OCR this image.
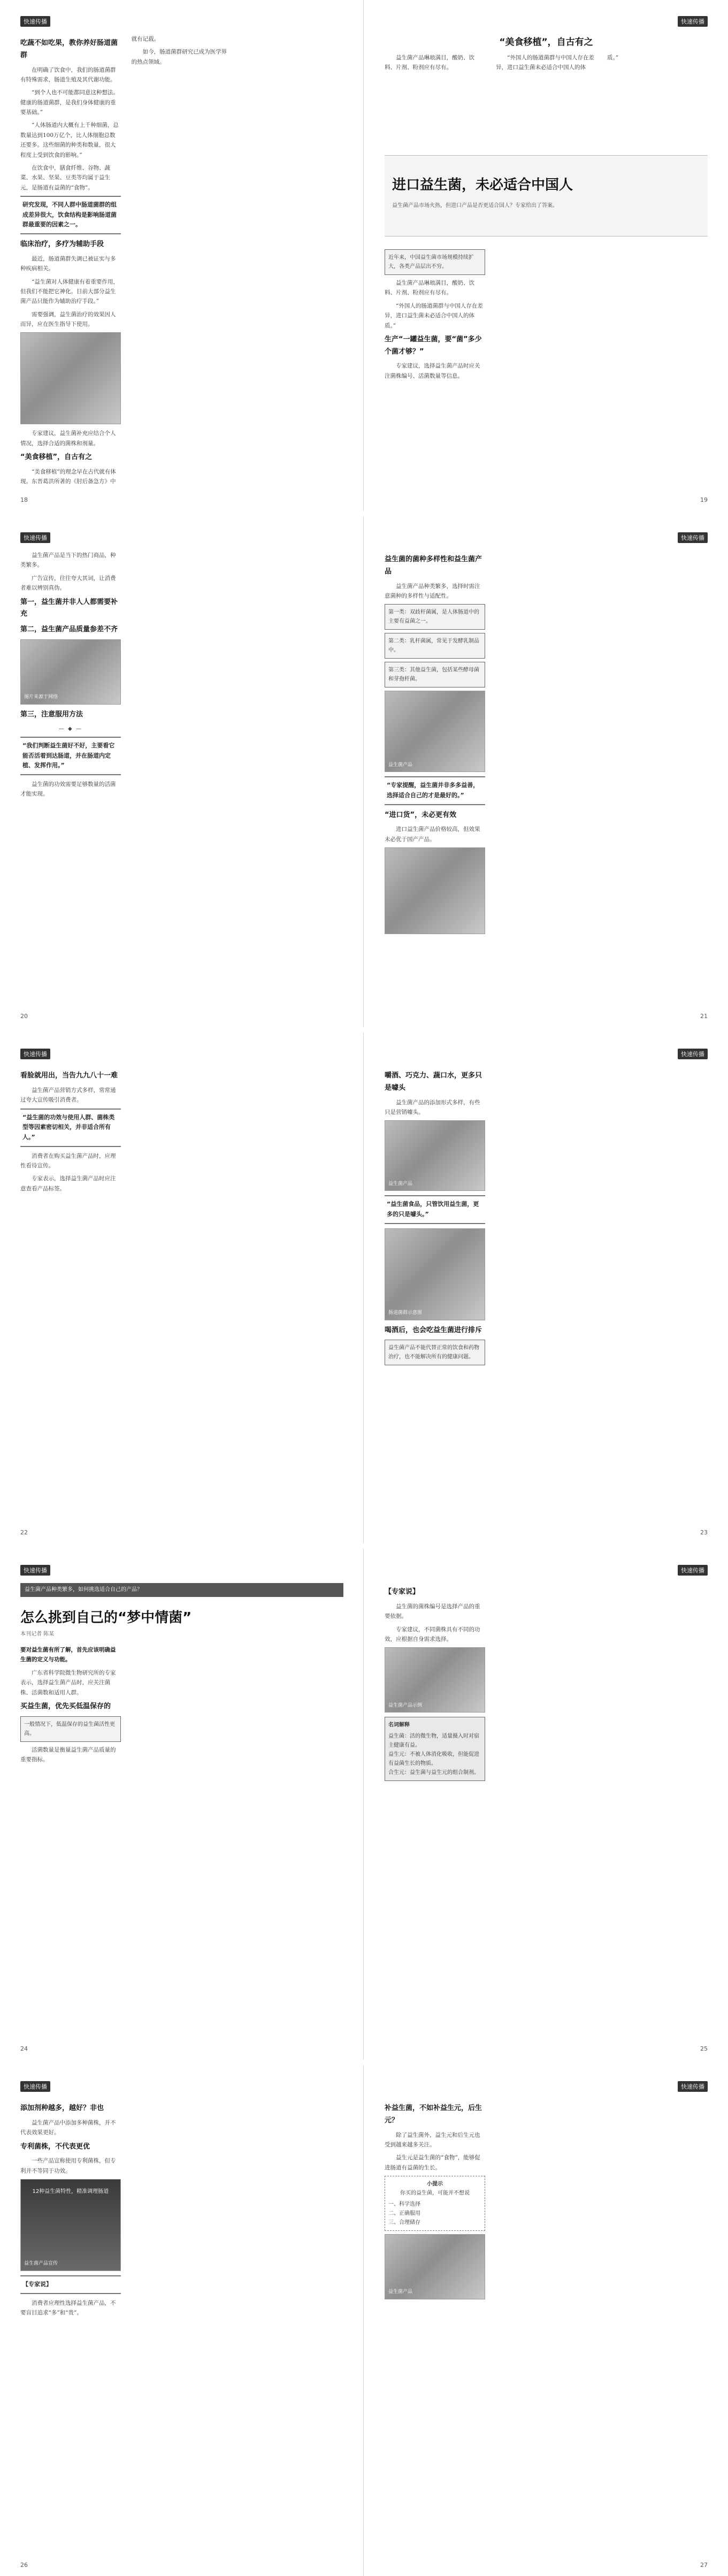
快速传播
吃蔬不如吃果，教你养好肠道菌群

在明确了饮食中，我们的肠道菌群有特殊需求，肠道生殖及其代谢功能。

“到个人也不可能都同意这种想法。健康的肠道菌群，是我们身体健康的重要基础。”

“人体肠道内大概有上千种细菌，总数量达到100万亿个，比人体细胞总数还要多。这些细菌的种类和数量，很大程度上受到饮食的影响。”

在饮食中，膳食纤维、谷物、蔬菜、水果、坚果、豆类等均属于益生元，是肠道有益菌的“食物”。

研究发现，不同人群中肠道菌群的组成差异很大，饮食结构是影响肠道菌群最重要的因素之一。
临床治疗，多疗为辅助手段

最近，肠道菌群失调已被证实与多种疾病相关。

“益生菌对人体健康有着重要作用，但我们不能把它神化。目前大部分益生菌产品只能作为辅助治疗手段。”

需要强调，益生菌治疗的效果因人而异，应在医生指导下使用。

专家建议，益生菌补充应结合个人情况，选择合适的菌株和剂量。

“美食移植”，自古有之

“美食移植”的理念早在古代就有体现。东晋葛洪所著的《肘后备急方》中就有记载。

如今，肠道菌群研究已成为医学界的热点领域。

18
快速传播
“美食移植”，自古有之

益生菌产品琳琅满目，酸奶、饮料、片剂、粉剂应有尽有。

“外国人的肠道菌群与中国人存在差异，进口益生菌未必适合中国人的体质。”

进口益生菌，未必适合中国人
益生菌产品市场火热，但进口产品是否更适合国人？专家给出了答案。
近年来，中国益生菌市场规模持续扩大，各类产品层出不穷。

益生菌产品琳琅满目，酸奶、饮料、片剂、粉剂应有尽有。

“外国人的肠道菌群与中国人存在差异，进口益生菌未必适合中国人的体质。”

生产“一罐益生菌，要“菌”多少个菌才够？”

专家建议，选择益生菌产品时应关注菌株编号、活菌数量等信息。

19
快速传播

益生菌产品是当下的热门商品，种类繁多。

广告宣传，往往夸大其词，让消费者难以辨别真伪。

第一，益生菌并非人人都需要补充
第二，益生菌产品质量参差不齐
图片来源于网络
第三，注意服用方法
— ◆ —
“我们判断益生菌好不好，主要看它能否活着到达肠道，并在肠道内定植、发挥作用。”

益生菌的功效需要足够数量的活菌才能实现。

20
快速传播
益生菌的菌种多样性和益生菌产品

益生菌产品种类繁多，选择时需注意菌种的多样性与适配性。

第一类：双歧杆菌属，是人体肠道中的主要有益菌之一。
第二类：乳杆菌属，常见于发酵乳制品中。
第三类：其他益生菌，包括某些酵母菌和芽孢杆菌。
益生菌产品
“专家提醒，益生菌并非多多益善，选择适合自己的才是最好的。”
“进口货”，未必更有效

进口益生菌产品价格较高，但效果未必优于国产产品。

21
快速传播
看脸就用出，当告九九八十一难

益生菌产品营销方式多样，常常通过夸大宣传吸引消费者。

“益生菌的功效与使用人群、菌株类型等因素密切相关，并非适合所有人。”

消费者在购买益生菌产品时，应理性看待宣传。

专家表示，选择益生菌产品时应注意查看产品标签。

22
快速传播
嚼酒、巧克力、蔬口水，更多只是噱头

益生菌产品的添加形式多样，有些只是营销噱头。

益生菌产品
“益生菌食品，只管饮用益生菌，更多的只是噱头。”
肠道菌群示意图
喝酒后，也会吃益生菌进行排斥
益生菌产品不能代替正常的饮食和药物治疗，也不能解决所有的健康问题。
23
快速传播
益生菌产品种类繁多，如何挑选适合自己的产品？
怎么挑到自己的“梦中情菌”
本刊记者 陈某

要对益生菌有所了解，首先应该明确益生菌的定义与功能。

广东省科学院微生物研究所的专家表示，选择益生菌产品时，应关注菌株、活菌数和适用人群。

买益生菌，优先买低温保存的
一般情况下，低温保存的益生菌活性更高。

活菌数量是衡量益生菌产品质量的重要指标。

24
快速传播
【专家说】

益生菌的菌株编号是选择产品的重要依据。

专家建议，不同菌株具有不同的功效，应根据自身需求选择。

益生菌产品示例
名词解释
益生菌：活的微生物，适量摄入时对宿主健康有益。
益生元：不被人体消化吸收，但能促进有益菌生长的物质。
合生元：益生菌与益生元的组合制剂。
25
快速传播
添加剂种越多，越好？非也

益生菌产品中添加多种菌株，并不代表效果更好。

专利菌株，不代表更优

一些产品宣称使用专利菌株，但专利并不等同于功效。

12种益生菌特性，精准调理肠道
益生菌产品宣传
【专家说】

消费者应理性选择益生菌产品，不要盲目追求“多”和“贵”。

26
快速传播
补益生菌，不如补益生元，后生元？

除了益生菌外，益生元和后生元也受到越来越多关注。

益生元是益生菌的“食物”，能够促进肠道有益菌的生长。

小提示
你买的益生菌，可能并不想说
一、科学选择
二、正确服用
三、合理储存
益生菌产品
27
